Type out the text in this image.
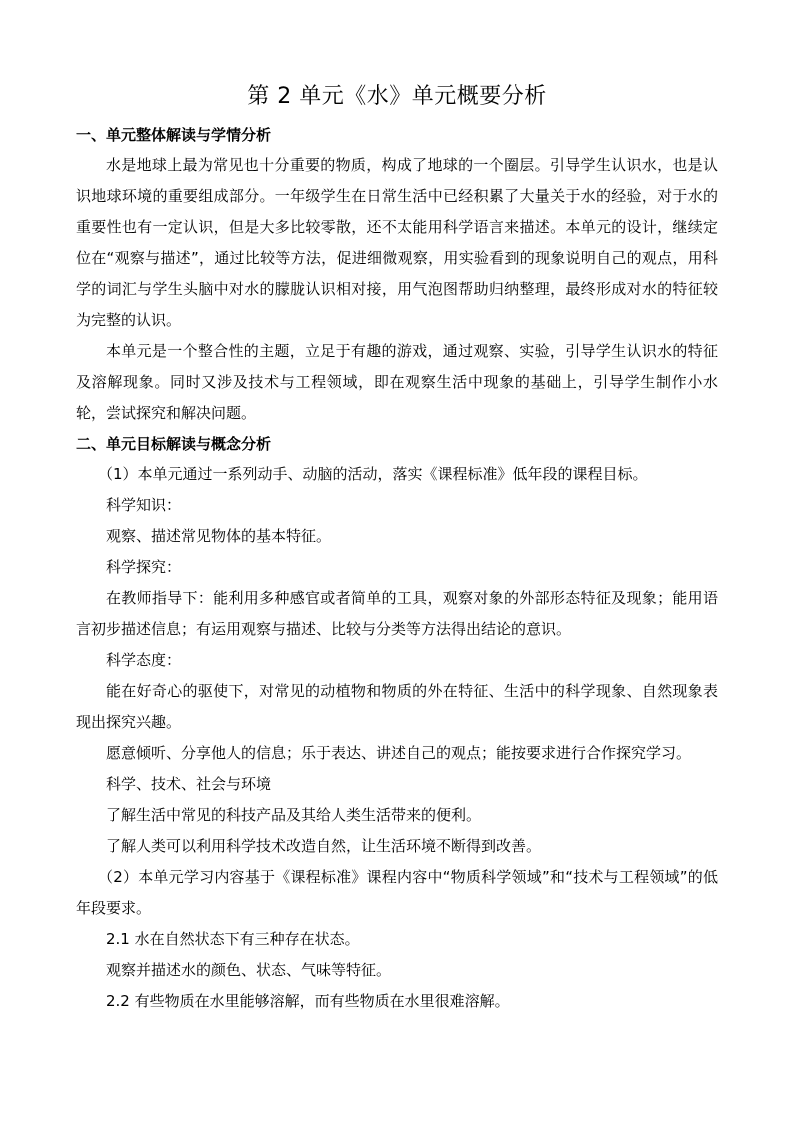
第 2 单元《水》单元概要分析
一、单元整体解读与学情分析

水是地球上最为常见也十分重要的物质，构成了地球的一个圈层。引导学生认识水，也是认识地球环境的重要组成部分。一年级学生在日常生活中已经积累了大量关于水的经验，对于水的重要性也有一定认识，但是大多比较零散，还不太能用科学语言来描述。本单元的设计，继续定位在“观察与描述”，通过比较等方法，促进细微观察，用实验看到的现象说明自己的观点，用科学的词汇与学生头脑中对水的朦胧认识相对接，用气泡图帮助归纳整理，最终形成对水的特征较为完整的认识。

本单元是一个整合性的主题，立足于有趣的游戏，通过观察、实验，引导学生认识水的特征及溶解现象。同时又涉及技术与工程领域，即在观察生活中现象的基础上，引导学生制作小水轮，尝试探究和解决问题。

二、单元目标解读与概念分析

（1）本单元通过一系列动手、动脑的活动，落实《课程标准》低年段的课程目标。

科学知识：

观察、描述常见物体的基本特征。

科学探究：

在教师指导下：能利用多种感官或者简单的工具，观察对象的外部形态特征及现象；能用语言初步描述信息；有运用观察与描述、比较与分类等方法得出结论的意识。

科学态度：

能在好奇心的驱使下，对常见的动植物和物质的外在特征、生活中的科学现象、自然现象表现出探究兴趣。

愿意倾听、分享他人的信息；乐于表达、讲述自己的观点；能按要求进行合作探究学习。

科学、技术、社会与环境

了解生活中常见的科技产品及其给人类生活带来的便利。

了解人类可以利用科学技术改造自然，让生活环境不断得到改善。

（2）本单元学习内容基于《课程标准》课程内容中“物质科学领域”和“技术与工程领域”的低年段要求。

2.1 水在自然状态下有三种存在状态。

观察并描述水的颜色、状态、气味等特征。

2.2 有些物质在水里能够溶解，而有些物质在水里很难溶解。
